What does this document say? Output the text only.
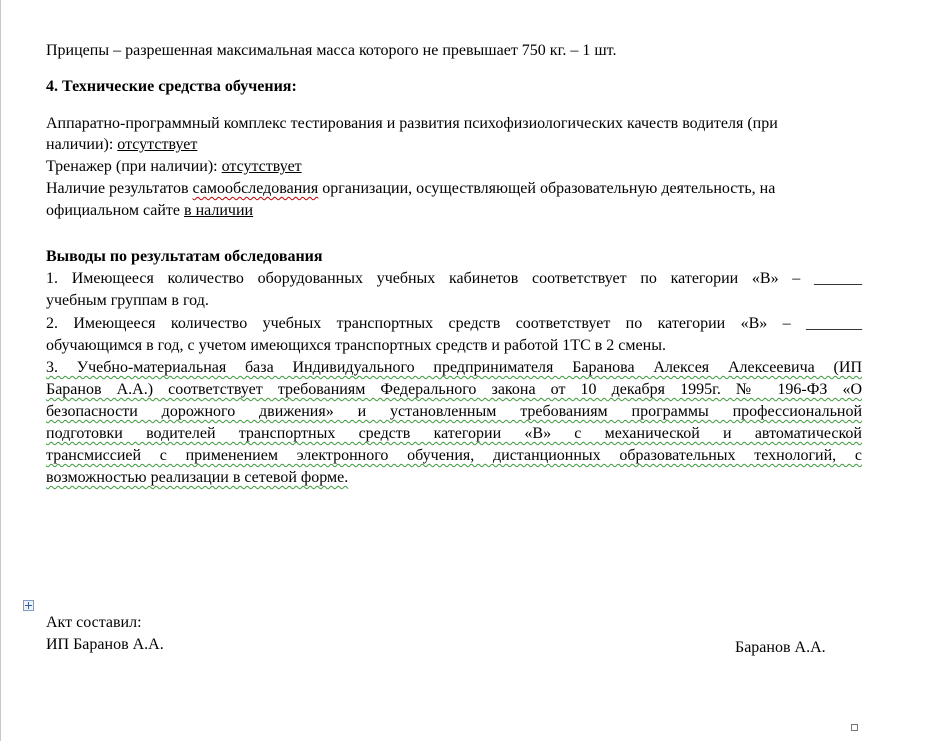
Прицепы – разрешенная максимальная масса которого не превышает 750 кг. – 1 шт.
4. Технические средства обучения:
Аппаратно-программный комплекс тестирования и развития психофизиологических качеств водителя (при
наличии): отсутствует
Тренажер (при наличии): отсутствует
Наличие результатов самообследования организации, осуществляющей образовательную деятельность, на
официальном сайте в наличии
Выводы по результатам обследования
1. Имеющееся количество оборудованных учебных кабинетов соответствует по категории «В» – ______
учебным группам в год.
2. Имеющееся количество учебных транспортных средств соответствует по категории «В» – _______
обучающимся в год, с учетом имеющихся транспортных средств и работой 1ТС в 2 смены.
3. Учебно-материальная база Индивидуального предпринимателя Баранова Алексея Алексеевича (ИП
Баранов А.А.) соответствует требованиям Федерального закона от 10 декабря 1995г. № 196-ФЗ «О
безопасности дорожного движения» и установленным требованиям программы профессиональной
подготовки водителей транспортных средств категории «В» с механической и автоматической
трансмиссией с применением электронного обучения, дистанционных образовательных технологий, с
возможностью реализации в сетевой форме.
Акт составил:
ИП Баранов А.А.	Баранов А.А.
